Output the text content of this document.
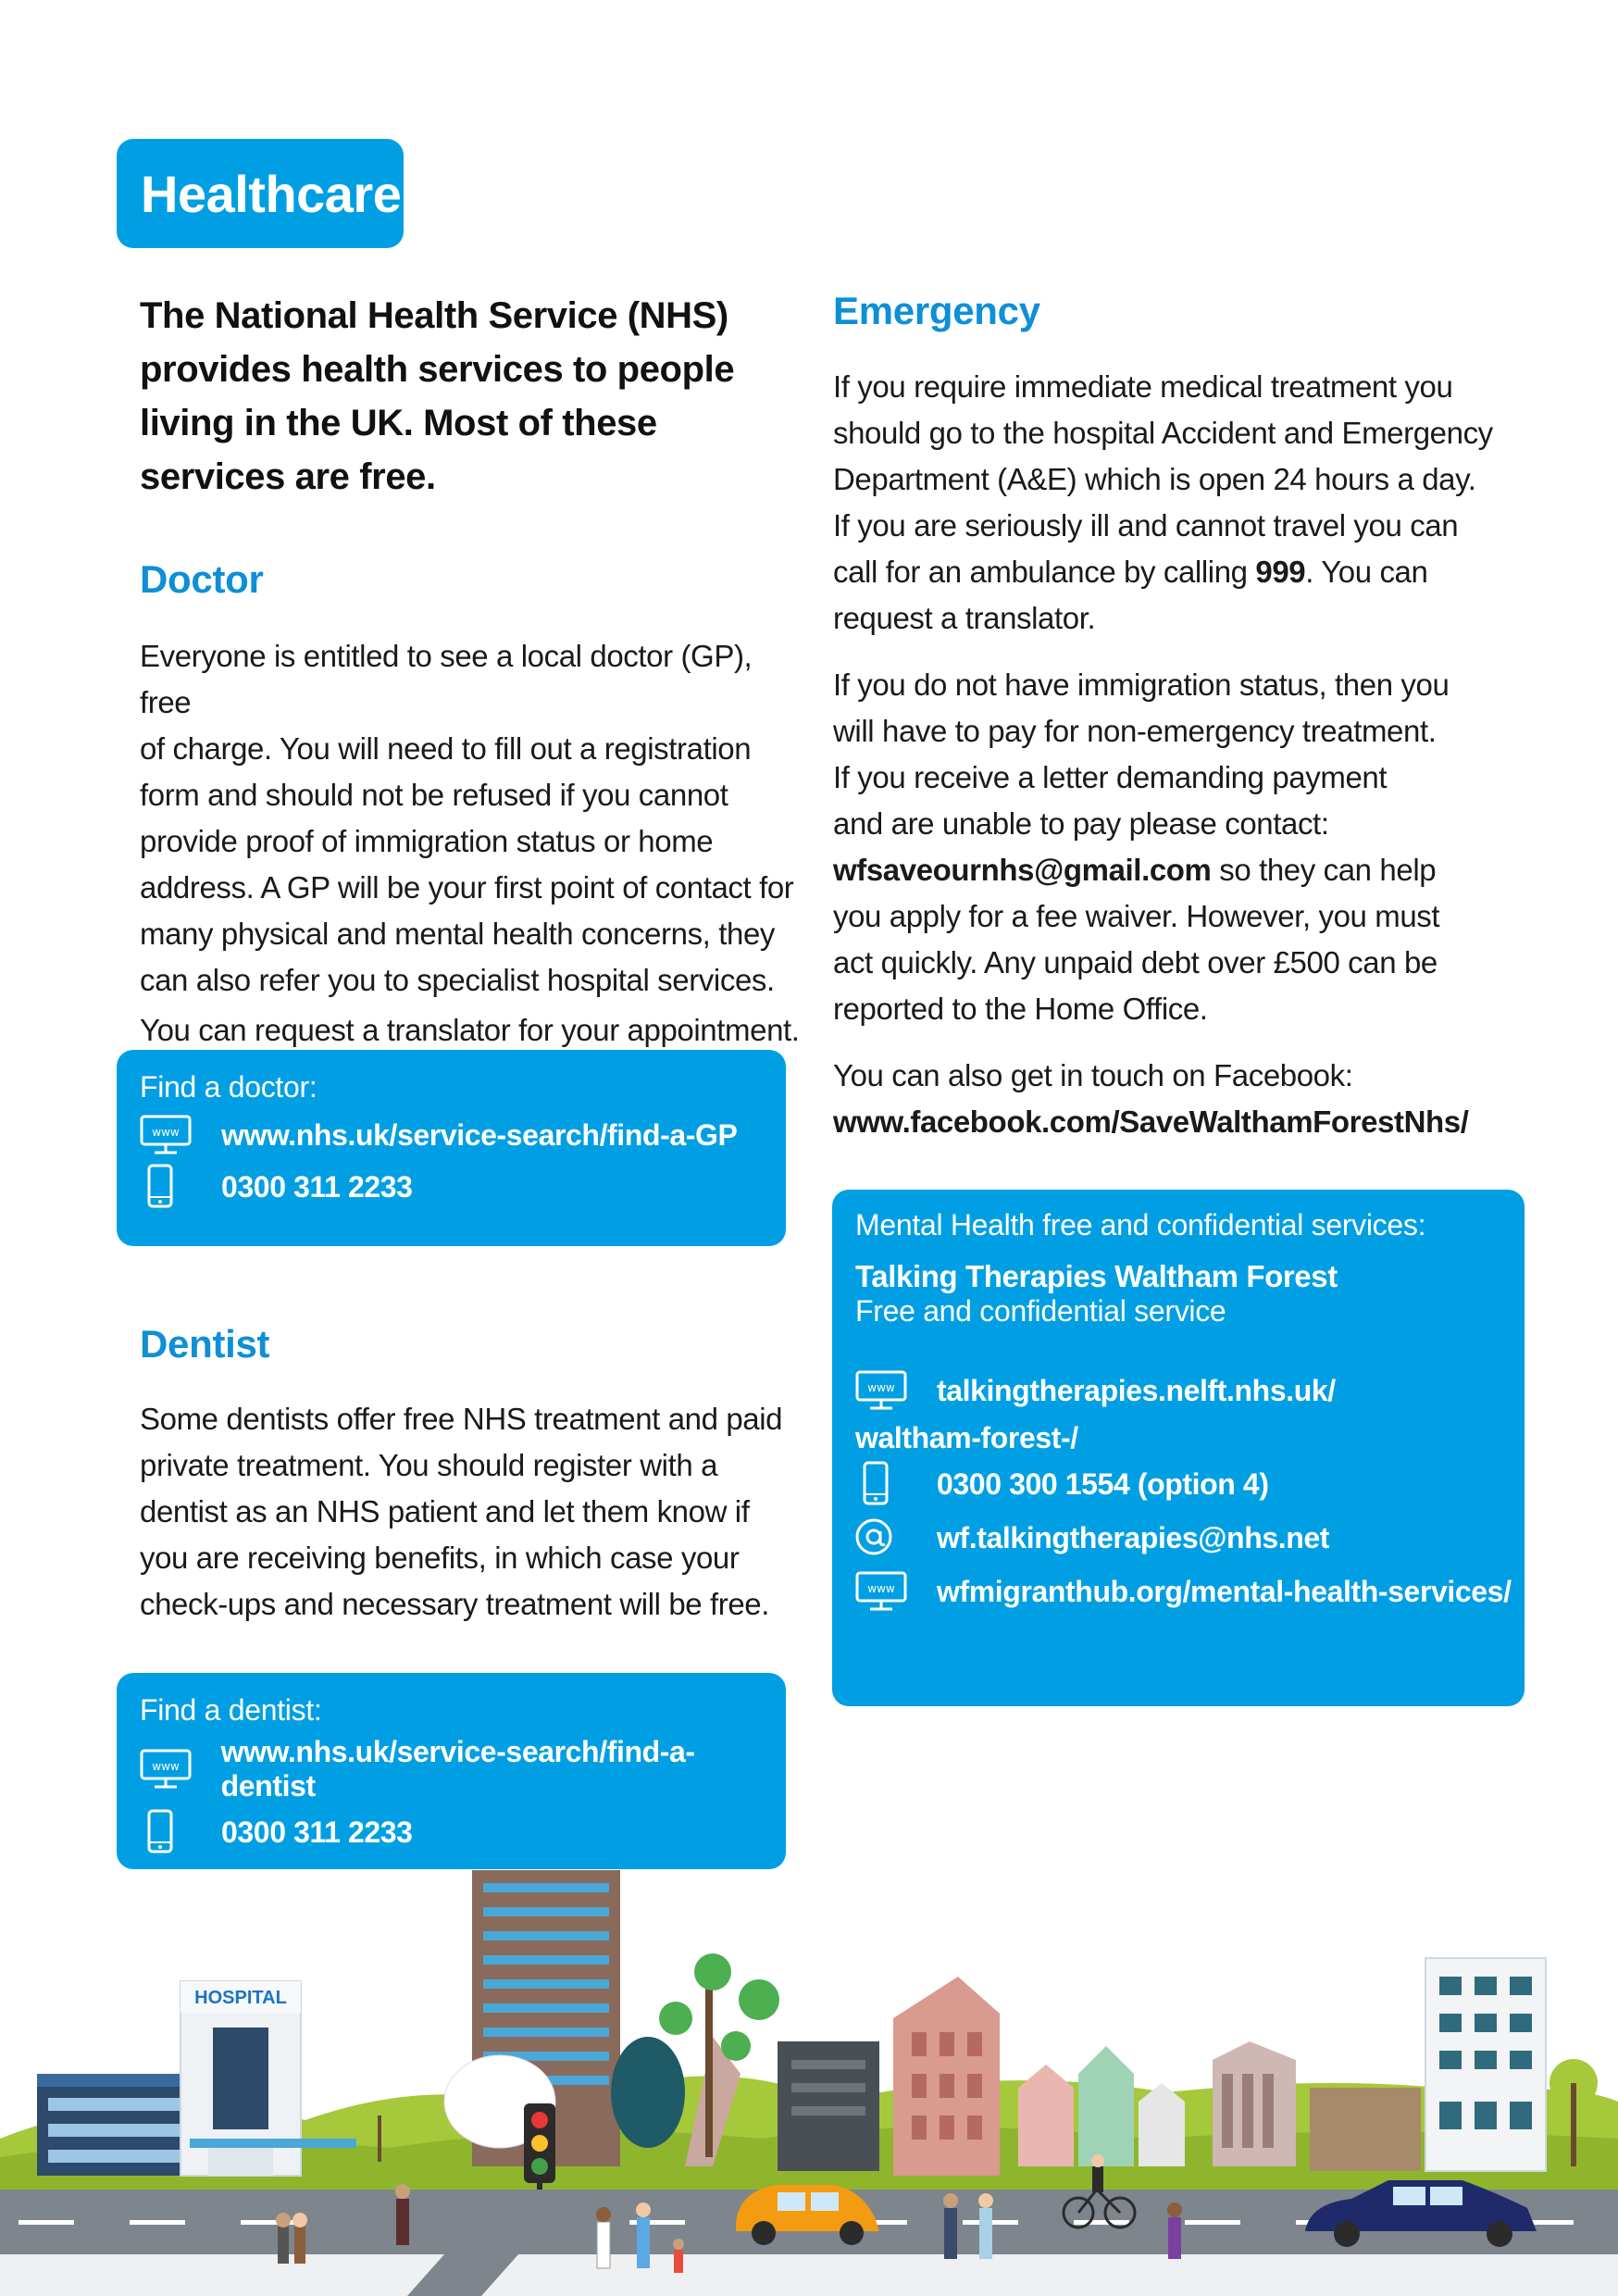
Healthcare
The National Health Service (NHS) provides health services to people living in the UK. Most of these services are free.
Doctor

Everyone is entitled to see a local doctor (GP), free

of charge. You will need to fill out a registration

form and should not be refused if you cannot

provide proof of immigration status or home

address. A GP will be your first point of contact for

many physical and mental health concerns, they

can also refer you to specialist hospital services.

You can request a translator for your appointment.

Find a doctor:
www www.nhs.uk/service-search/find-a-GP
0300 311 2233
Dentist

Some dentists offer free NHS treatment and paid

private treatment. You should register with a

dentist as an NHS patient and let them know if

you are receiving benefits, in which case your

check-ups and necessary treatment will be free.

Find a dentist:
www www.nhs.uk/service-search/find-a-dentist
0300 311 2233
Emergency

If you require immediate medical treatment you

should go to the hospital Accident and Emergency

Department (A&E) which is open 24 hours a day.

If you are seriously ill and cannot travel you can

call for an ambulance by calling 999. You can

request a translator.

If you do not have immigration status, then you

will have to pay for non-emergency treatment.

If you receive a letter demanding payment

and are unable to pay please contact:

wfsaveournhs@gmail.com so they can help

you apply for a fee waiver. However, you must

act quickly. Any unpaid debt over £500 can be

reported to the Home Office.

You can also get in touch on Facebook:

www.facebook.com/SaveWalthamForestNhs/

Mental Health free and confidential services:
Talking Therapies Waltham Forest
Free and confidential service
www talkingtherapies.nelft.nhs.uk/
waltham-forest-/
0300 300 1554 (option 4)
wf.talkingtherapies@nhs.net
www wfmigranthub.org/mental-health-services/
HOSPITAL
